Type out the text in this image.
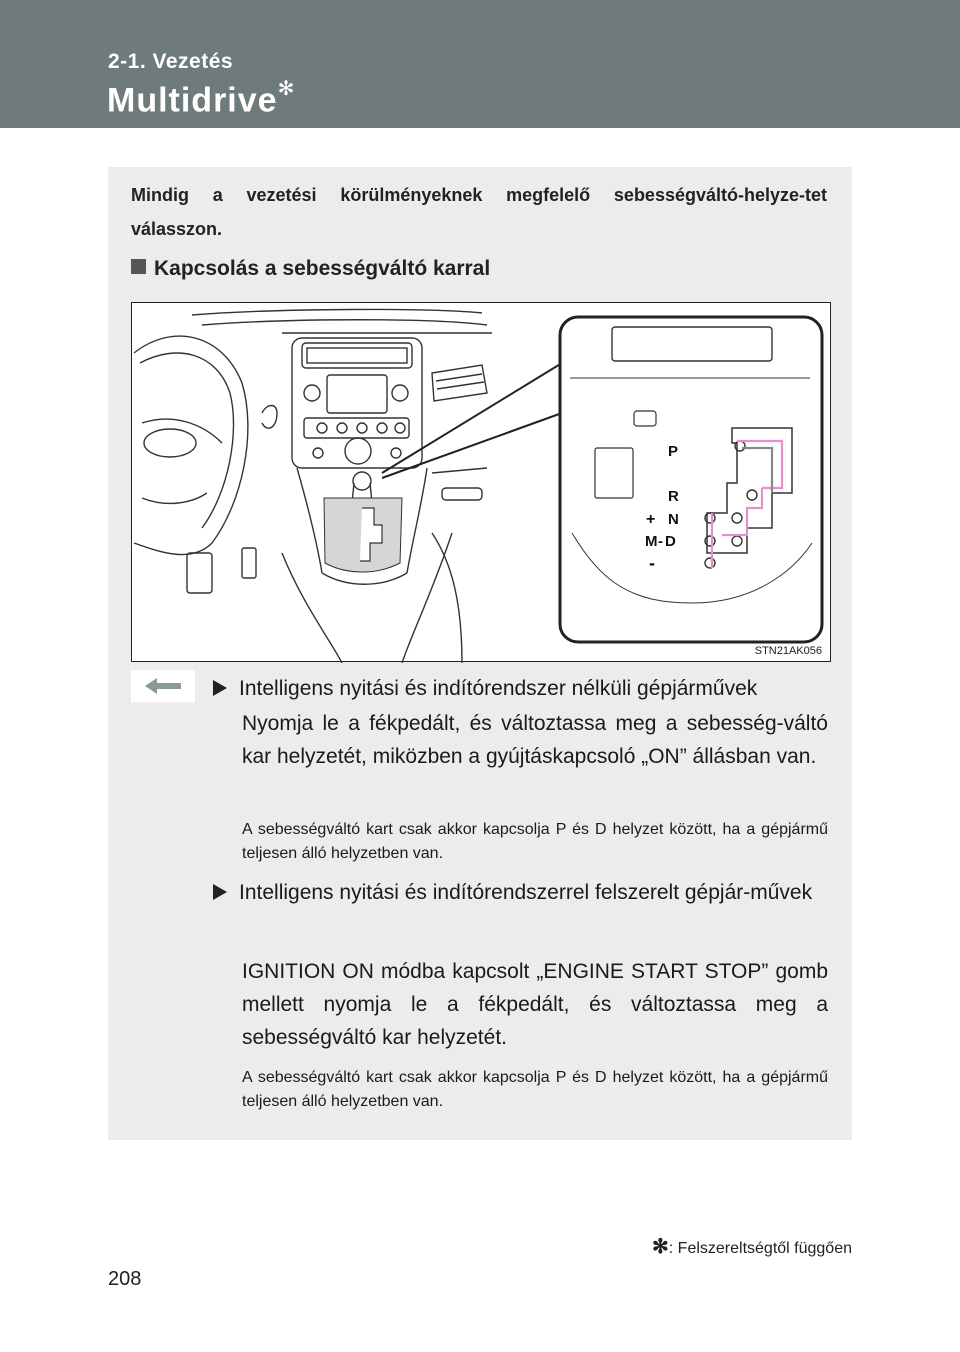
2-1. Vezetés
Multidrive✻
Mindig a vezetési körülményeknek megfelelő sebességváltó-helyze-tet válasszon.
Kapcsolás a sebességváltó karral
P
R
N
D
M
+
-
-
STN21AK056
Intelligens nyitási és indítórendszer nélküli gépjárművek
Nyomja le a fékpedált, és változtassa meg a sebesség-váltó kar helyzetét, miközben a gyújtáskapcsoló „ON” állásban van.
A sebességváltó kart csak akkor kapcsolja P és D helyzet között, ha a gépjármű teljesen álló helyzetben van.
Intelligens nyitási és indítórendszerrel felszerelt gépjár-művek
IGNITION ON módba kapcsolt „ENGINE START STOP” gomb mellett nyomja le a fékpedált, és változtassa meg a sebességváltó kar helyzetét.
A sebességváltó kart csak akkor kapcsolja P és D helyzet között, ha a gépjármű teljesen álló helyzetben van.
✻: Felszereltségtől függően
208
